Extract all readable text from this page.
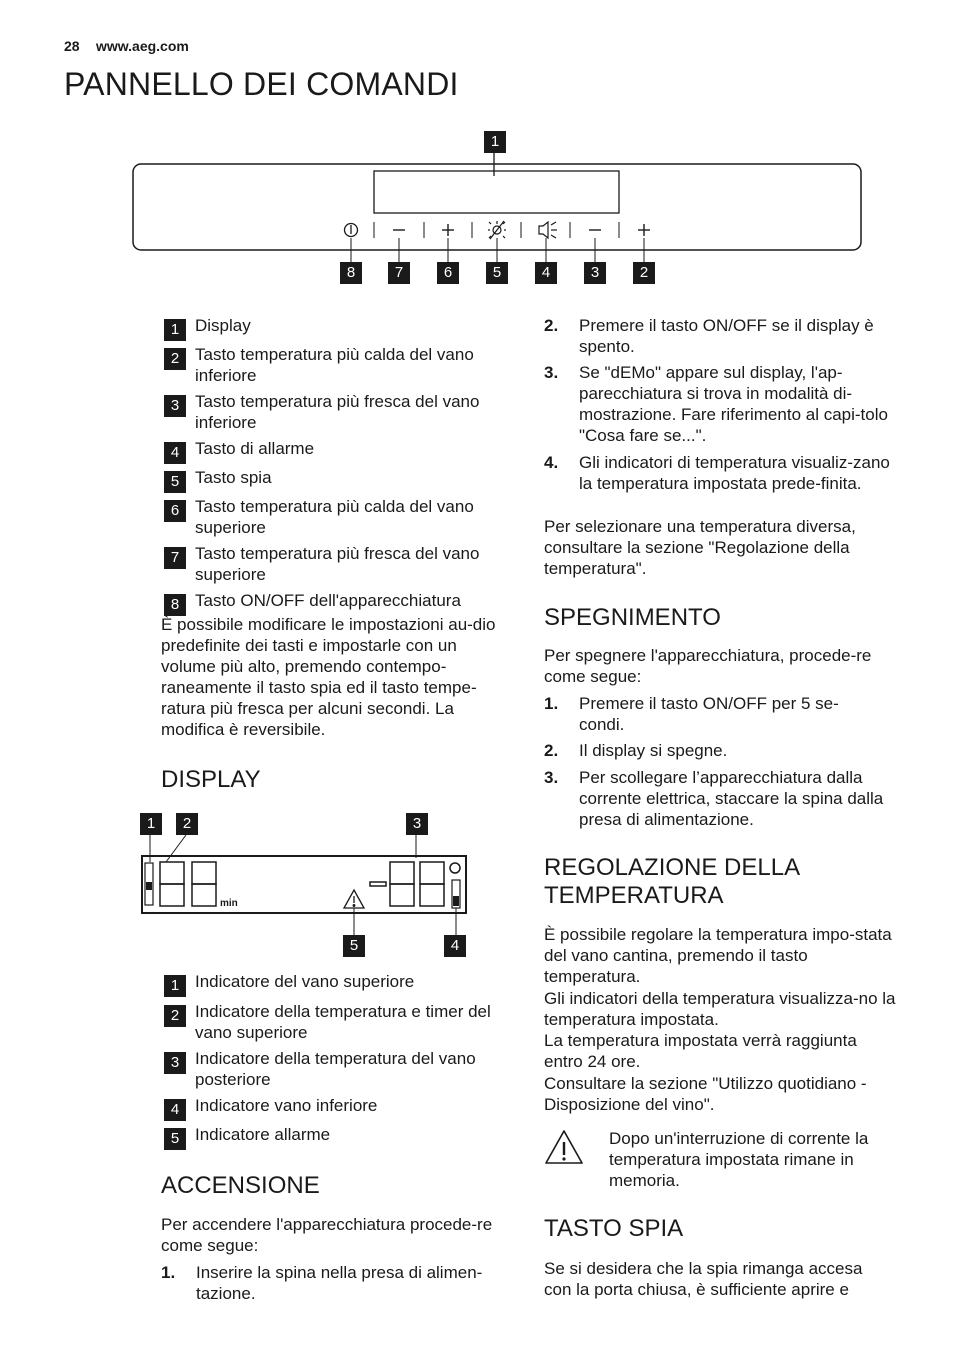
28 www.aeg.com
PANNELLO DEI COMANDI
1
8	7	6	5	4	3	2
1 Display
2 Tasto temperatura più calda del vano inferiore
3 Tasto temperatura più fresca del vano inferiore
4 Tasto di allarme
5 Tasto spia
6 Tasto temperatura più calda del vano superiore
7 Tasto temperatura più fresca del vano superiore
8 Tasto ON/OFF dell'apparecchiatura
È possibile modificare le impostazioni au-dio predefinite dei tasti e impostarle con un volume più alto, premendo contempo-raneamente il tasto spia ed il tasto tempe-ratura più fresca per alcuni secondi. La modifica è reversibile.
DISPLAY
min
1	2	3
5	4
1 Indicatore del vano superiore
2 Indicatore della temperatura e timer del vano superiore
3 Indicatore della temperatura del vano posteriore
4 Indicatore vano inferiore
5 Indicatore allarme
ACCENSIONE
Per accendere l'apparecchiatura procede-re come segue:
1. Inserire la spina nella presa di alimen-tazione.
2. Premere il tasto ON/OFF se il display è spento.
3. Se "dEMo" appare sul display, l'ap-parecchiatura si trova in modalità di-mostrazione. Fare riferimento al capi-tolo "Cosa fare se...".
4. Gli indicatori di temperatura visualiz-zano la temperatura impostata prede-finita.
Per selezionare una temperatura diversa, consultare la sezione "Regolazione della temperatura".
SPEGNIMENTO
Per spegnere l'apparecchiatura, procede-re come segue:
1. Premere il tasto ON/OFF per 5 se-condi.
2. Il display si spegne.
3. Per scollegare l’apparecchiatura dalla corrente elettrica, staccare la spina dalla presa di alimentazione.
REGOLAZIONE DELLA
TEMPERATURA
È possibile regolare la temperatura impo-stata del vano cantina, premendo il tasto temperatura.
Gli indicatori della temperatura visualizza-no la temperatura impostata.
La temperatura impostata verrà raggiunta entro 24 ore.
Consultare la sezione "Utilizzo quotidiano - Disposizione del vino".
Dopo un'interruzione di corrente la temperatura impostata rimane in memoria.
TASTO SPIA
Se si desidera che la spia rimanga accesa con la porta chiusa, è sufficiente aprire e
